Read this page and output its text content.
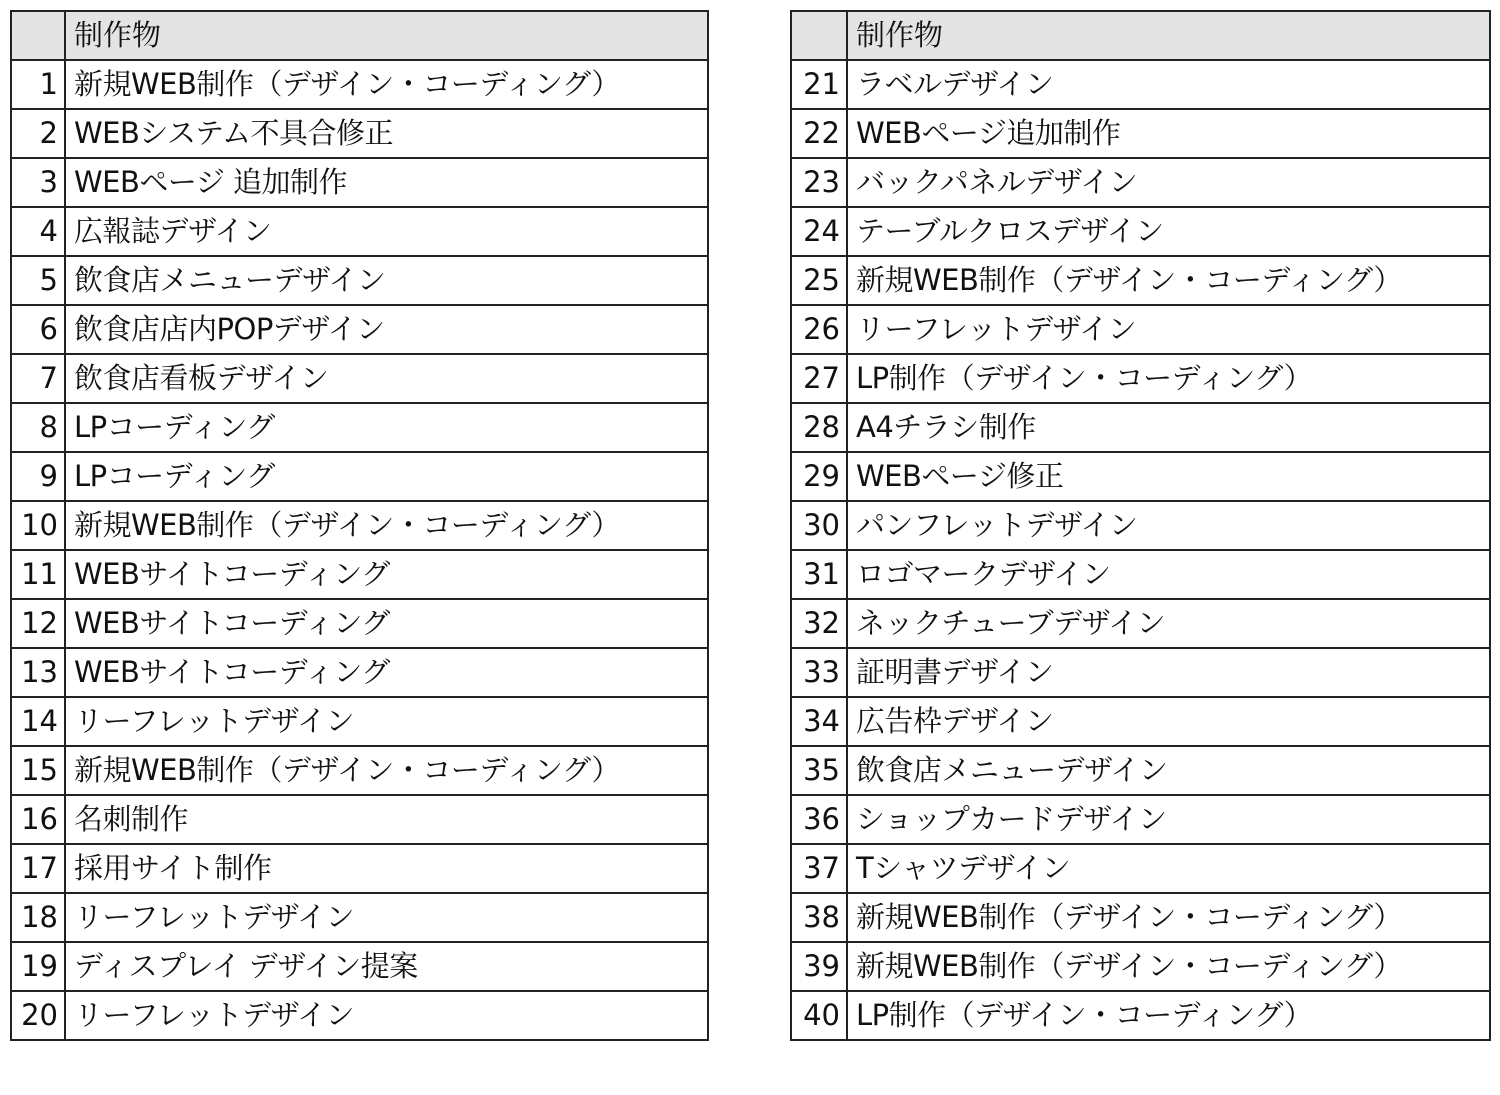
	制作物
1	新規WEB制作（デザイン・コーディング）
2	WEBシステム不具合修正
3	WEBページ 追加制作
4	広報誌デザイン
5	飲食店メニューデザイン
6	飲食店店内POPデザイン
7	飲食店看板デザイン
8	LPコーディング
9	LPコーディング
10	新規WEB制作（デザイン・コーディング）
11	WEBサイトコーディング
12	WEBサイトコーディング
13	WEBサイトコーディング
14	リーフレットデザイン
15	新規WEB制作（デザイン・コーディング）
16	名刺制作
17	採用サイト制作
18	リーフレットデザイン
19	ディスプレイ デザイン提案
20	リーフレットデザイン
	制作物
21	ラベルデザイン
22	WEBページ追加制作
23	バックパネルデザイン
24	テーブルクロスデザイン
25	新規WEB制作（デザイン・コーディング）
26	リーフレットデザイン
27	LP制作（デザイン・コーディング）
28	A4チラシ制作
29	WEBページ修正
30	パンフレットデザイン
31	ロゴマークデザイン
32	ネックチューブデザイン
33	証明書デザイン
34	広告枠デザイン
35	飲食店メニューデザイン
36	ショップカードデザイン
37	Tシャツデザイン
38	新規WEB制作（デザイン・コーディング）
39	新規WEB制作（デザイン・コーディング）
40	LP制作（デザイン・コーディング）
